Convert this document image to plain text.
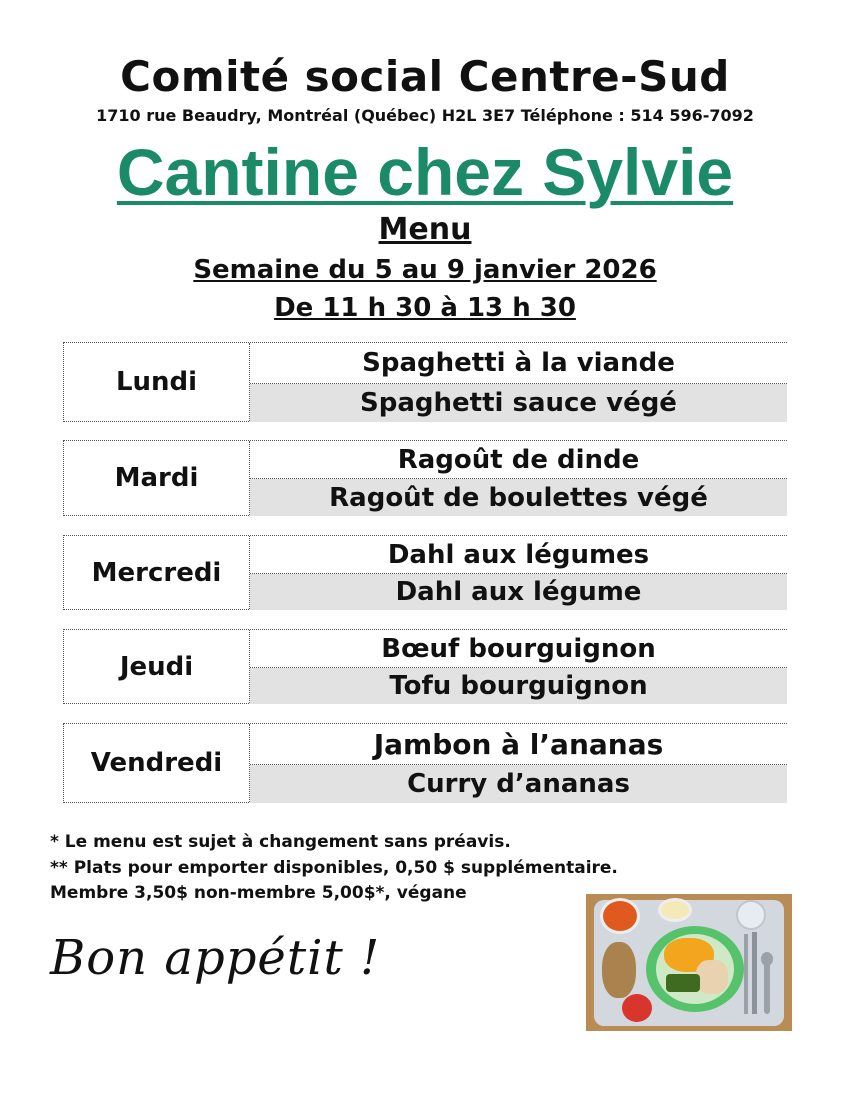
Comité social Centre-Sud
1710 rue Beaudry, Montréal (Québec) H2L 3E7 Téléphone : 514 596-7092
Cantine chez Sylvie
Menu
Semaine du 5 au 9 janvier 2026
De 11 h 30 à 13 h 30
Lundi
Spaghetti à la viande
Spaghetti sauce végé
Mardi
Ragoût de dinde
Ragoût de boulettes végé
Mercredi
Dahl aux légumes
Dahl aux légume
Jeudi
Bœuf bourguignon
Tofu bourguignon
Vendredi
Jambon à l’ananas
Curry d’ananas
* Le menu est sujet à changement sans préavis.
** Plats pour emporter disponibles, 0,50 $ supplémentaire.
Membre 3,50$ non-membre 5,00$*, végane
Bon appétit !
